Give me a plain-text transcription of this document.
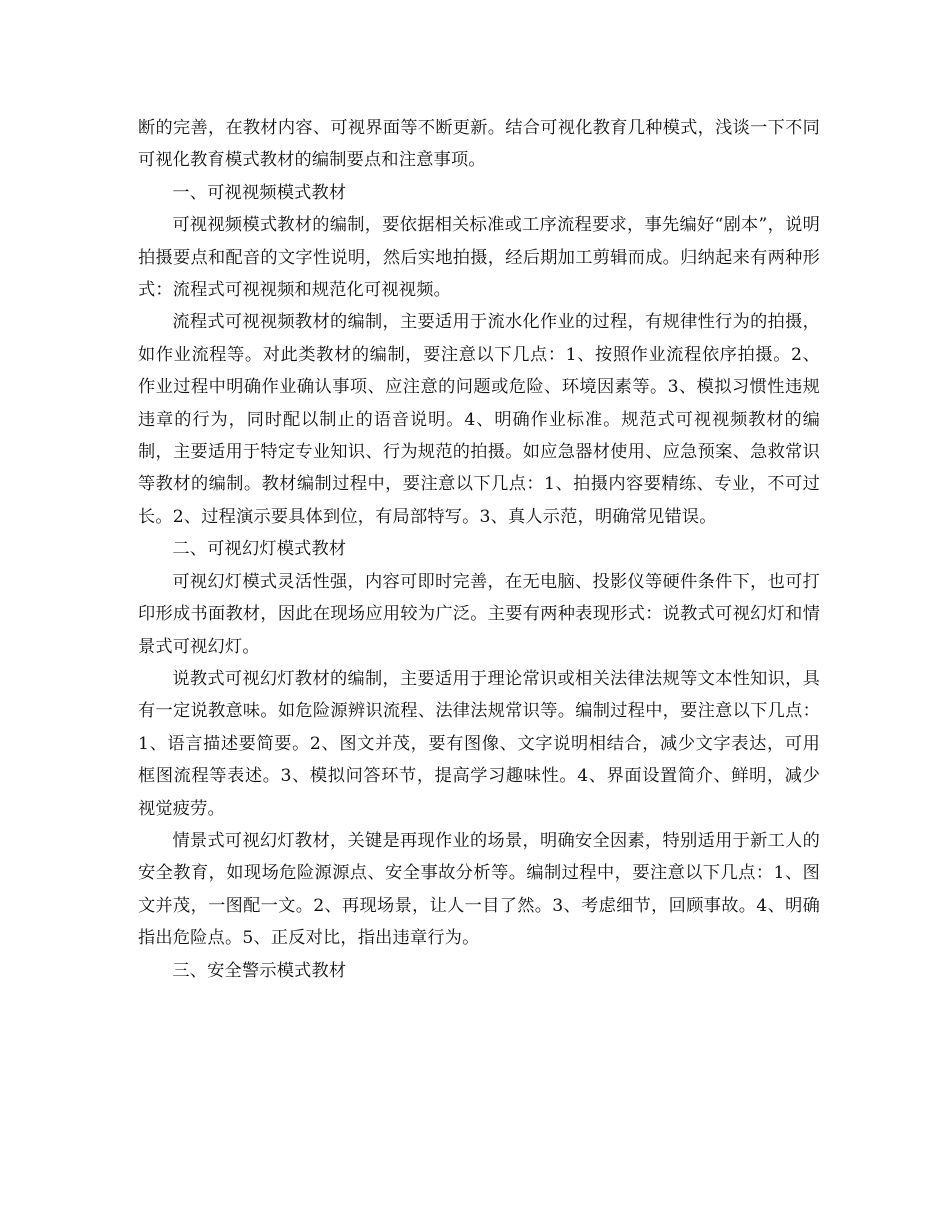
断的完善，在教材内容、可视界面等不断更新。结合可视化教育几种模式，浅谈一下不同可视化教育模式教材的编制要点和注意事项。

一、可视视频模式教材

可视视频模式教材的编制，要依据相关标准或工序流程要求，事先编好“剧本”，说明拍摄要点和配音的文字性说明，然后实地拍摄，经后期加工剪辑而成。归纳起来有两种形式：流程式可视视频和规范化可视视频。

流程式可视视频教材的编制，主要适用于流水化作业的过程，有规律性行为的拍摄，如作业流程等。对此类教材的编制，要注意以下几点：1、按照作业流程依序拍摄。2、作业过程中明确作业确认事项、应注意的问题或危险、环境因素等。3、模拟习惯性违规违章的行为，同时配以制止的语音说明。4、明确作业标准。规范式可视视频教材的编制，主要适用于特定专业知识、行为规范的拍摄。如应急器材使用、应急预案、急救常识等教材的编制。教材编制过程中，要注意以下几点：1、拍摄内容要精练、专业，不可过长。2、过程演示要具体到位，有局部特写。3、真人示范，明确常见错误。

二、可视幻灯模式教材

可视幻灯模式灵活性强，内容可即时完善，在无电脑、投影仪等硬件条件下，也可打印形成书面教材，因此在现场应用较为广泛。主要有两种表现形式：说教式可视幻灯和情景式可视幻灯。

说教式可视幻灯教材的编制，主要适用于理论常识或相关法律法规等文本性知识，具有一定说教意味。如危险源辨识流程、法律法规常识等。编制过程中，要注意以下几点：1、语言描述要简要。2、图文并茂，要有图像、文字说明相结合，减少文字表达，可用框图流程等表述。3、模拟问答环节，提高学习趣味性。4、界面设置简介、鲜明，减少视觉疲劳。

情景式可视幻灯教材，关键是再现作业的场景，明确安全因素，特别适用于新工人的安全教育，如现场危险源源点、安全事故分析等。编制过程中，要注意以下几点：1、图文并茂，一图配一文。2、再现场景，让人一目了然。3、考虑细节，回顾事故。4、明确指出危险点。5、正反对比，指出违章行为。

三、安全警示模式教材
